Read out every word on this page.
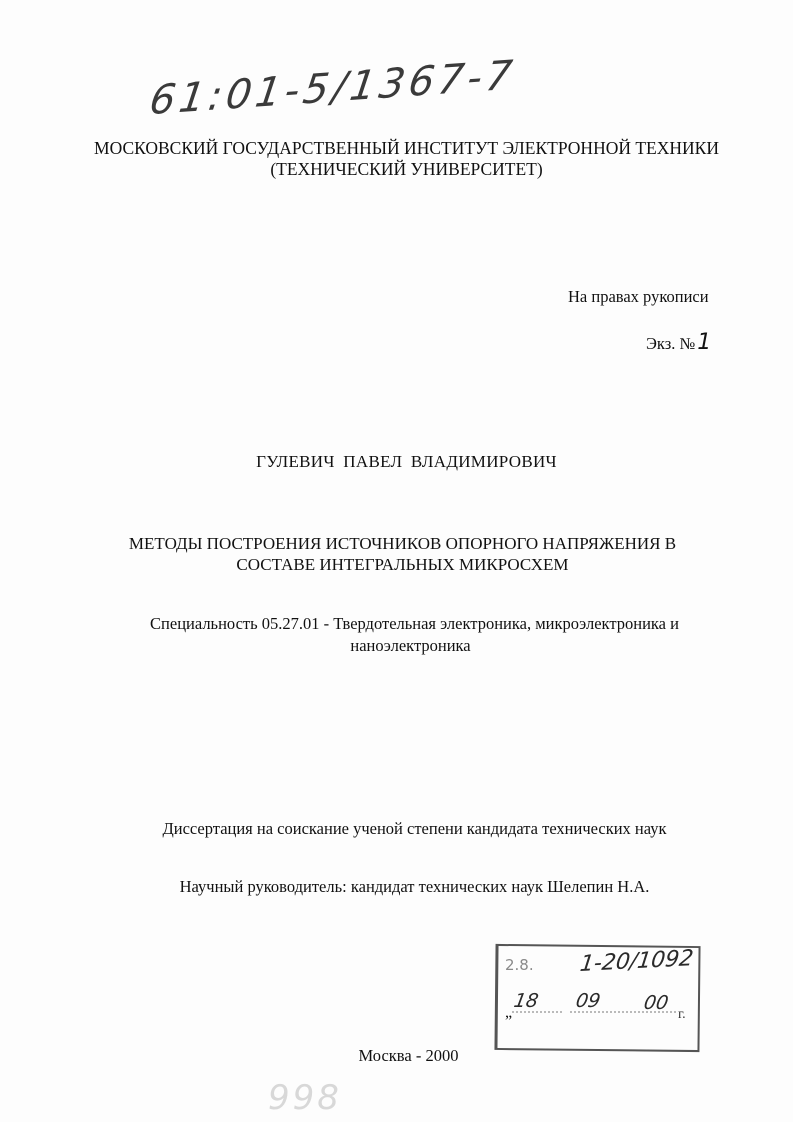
61:01-5/1367-7
МОСКОВСКИЙ ГОСУДАРСТВЕННЫЙ ИНСТИТУТ ЭЛЕКТРОННОЙ ТЕХНИКИ
(ТЕХНИЧЕСКИЙ УНИВЕРСИТЕТ)
На правах рукописи
Экз. №1
ГУЛЕВИЧ ПАВЕЛ ВЛАДИМИРОВИЧ
МЕТОДЫ ПОСТРОЕНИЯ ИСТОЧНИКОВ ОПОРНОГО НАПРЯЖЕНИЯ В
СОСТАВЕ ИНТЕГРАЛЬНЫХ МИКРОСХЕМ
Специальность 05.27.01 - Твердотельная электроника, микроэлектроника и
наноэлектроника
Диссертация на соискание ученой степени кандидата технических наук
Научный руководитель: кандидат технических наук Шелепин Н.А.
2.8. 1-20/1092
„
18 09 00
г.
Москва - 2000
998
